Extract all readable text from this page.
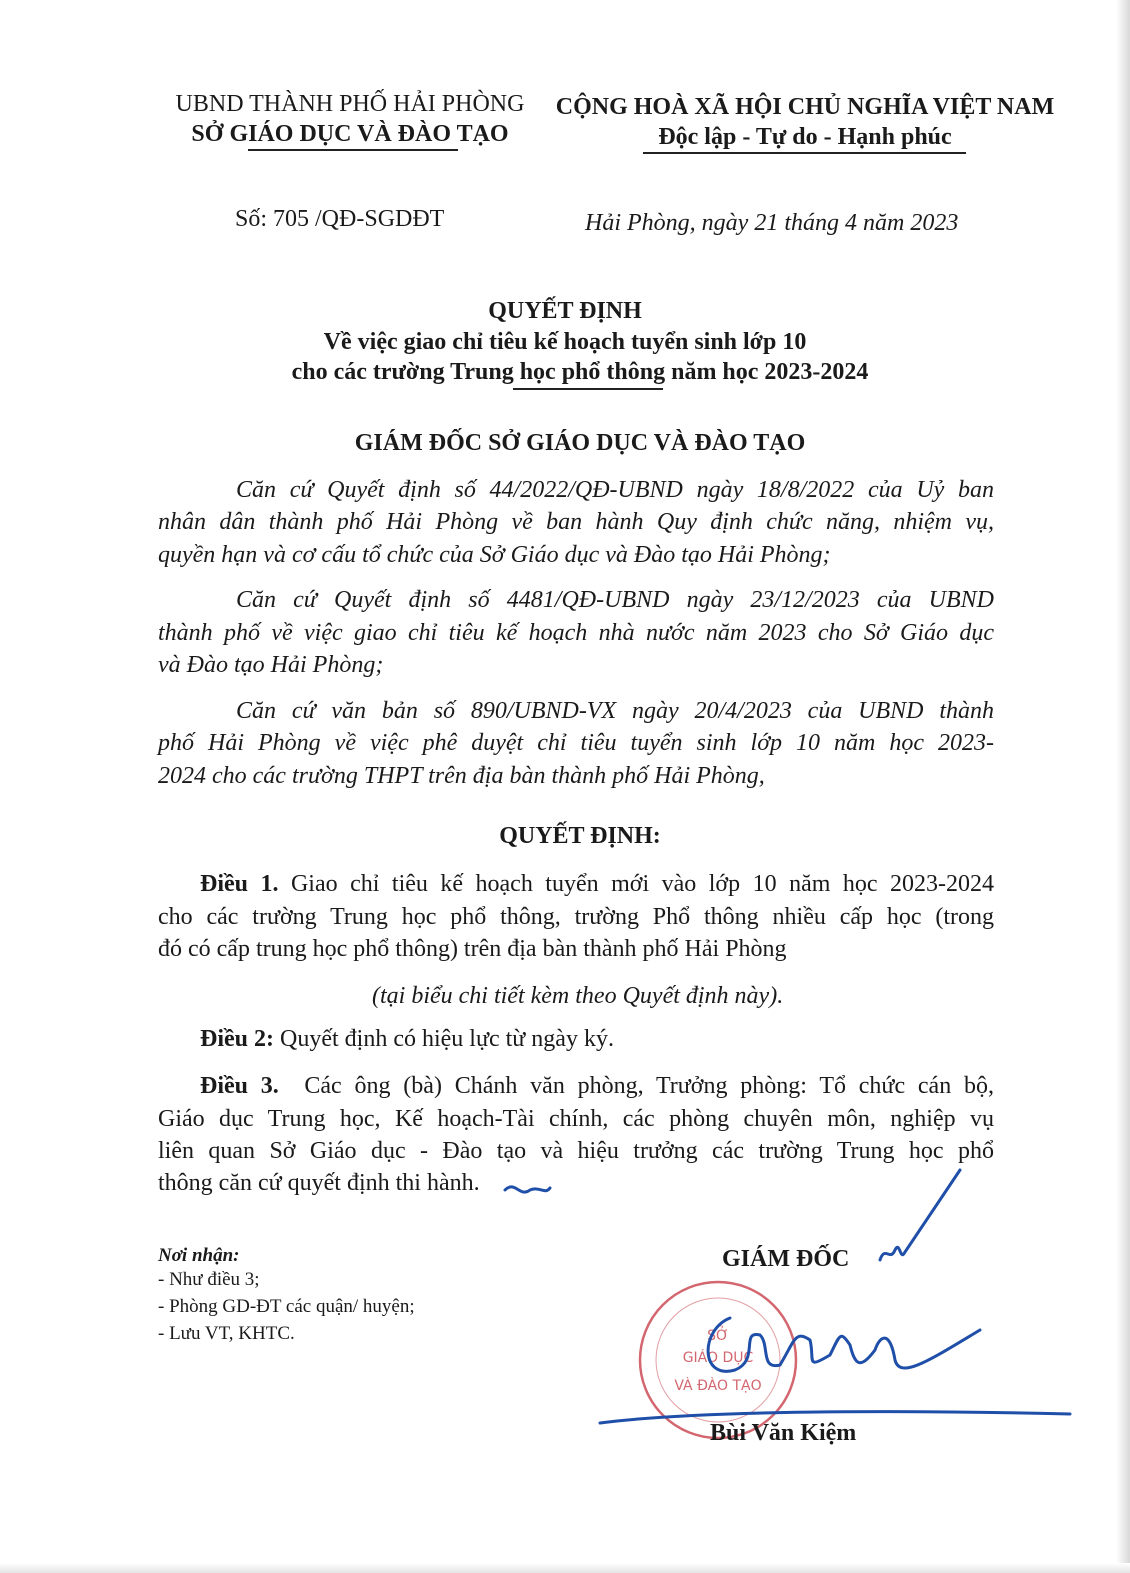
UBND THÀNH PHỐ HẢI PHÒNG
SỞ GIÁO DỤC VÀ ĐÀO TẠO
CỘNG HOÀ XÃ HỘI CHỦ NGHĨA VIỆT NAM
Độc lập - Tự do - Hạnh phúc
Số: 705 /QĐ-SGDĐT	Hải Phòng, ngày 21 tháng 4 năm 2023
QUYẾT ĐỊNH
Về việc giao chỉ tiêu kế hoạch tuyển sinh lớp 10
cho các trường Trung học phổ thông năm học 2023-2024
GIÁM ĐỐC SỞ GIÁO DỤC VÀ ĐÀO TẠO
Căn cứ Quyết định số 44/2022/QĐ-UBND ngày 18/8/2022 của Uỷ ban
nhân dân thành phố Hải Phòng về ban hành Quy định chức năng, nhiệm vụ,
quyền hạn và cơ cấu tổ chức của Sở Giáo dục và Đào tạo Hải Phòng;
Căn cứ Quyết định số 4481/QĐ-UBND ngày 23/12/2023 của UBND
thành phố về việc giao chỉ tiêu kế hoạch nhà nước năm 2023 cho Sở Giáo dục
và Đào tạo Hải Phòng;
Căn cứ văn bản số 890/UBND-VX ngày 20/4/2023 của UBND thành
phố Hải Phòng về việc phê duyệt chỉ tiêu tuyển sinh lớp 10 năm học 2023-
2024 cho các trường THPT trên địa bàn thành phố Hải Phòng,
QUYẾT ĐỊNH:
Điều 1. Giao chỉ tiêu kế hoạch tuyển mới vào lớp 10 năm học 2023-2024
cho các trường Trung học phổ thông, trường Phổ thông nhiều cấp học (trong
đó có cấp trung học phổ thông) trên địa bàn thành phố Hải Phòng
(tại biểu chi tiết kèm theo Quyết định này).
Điều 2: Quyết định có hiệu lực từ ngày ký.
Điều 3. Các ông (bà) Chánh văn phòng, Trưởng phòng: Tổ chức cán bộ,
Giáo dục Trung học, Kế hoạch-Tài chính, các phòng chuyên môn, nghiệp vụ
liên quan Sở Giáo dục - Đào tạo và hiệu trưởng các trường Trung học phổ
thông căn cứ quyết định thi hành.
Nơi nhận:
- Như điều 3;
- Phòng GD-ĐT các quận/ huyện;
- Lưu VT, KHTC.
GIÁM ĐỐC
SỞ
GIÁO DỤC
VÀ ĐÀO TẠO
Bùi Văn Kiệm
